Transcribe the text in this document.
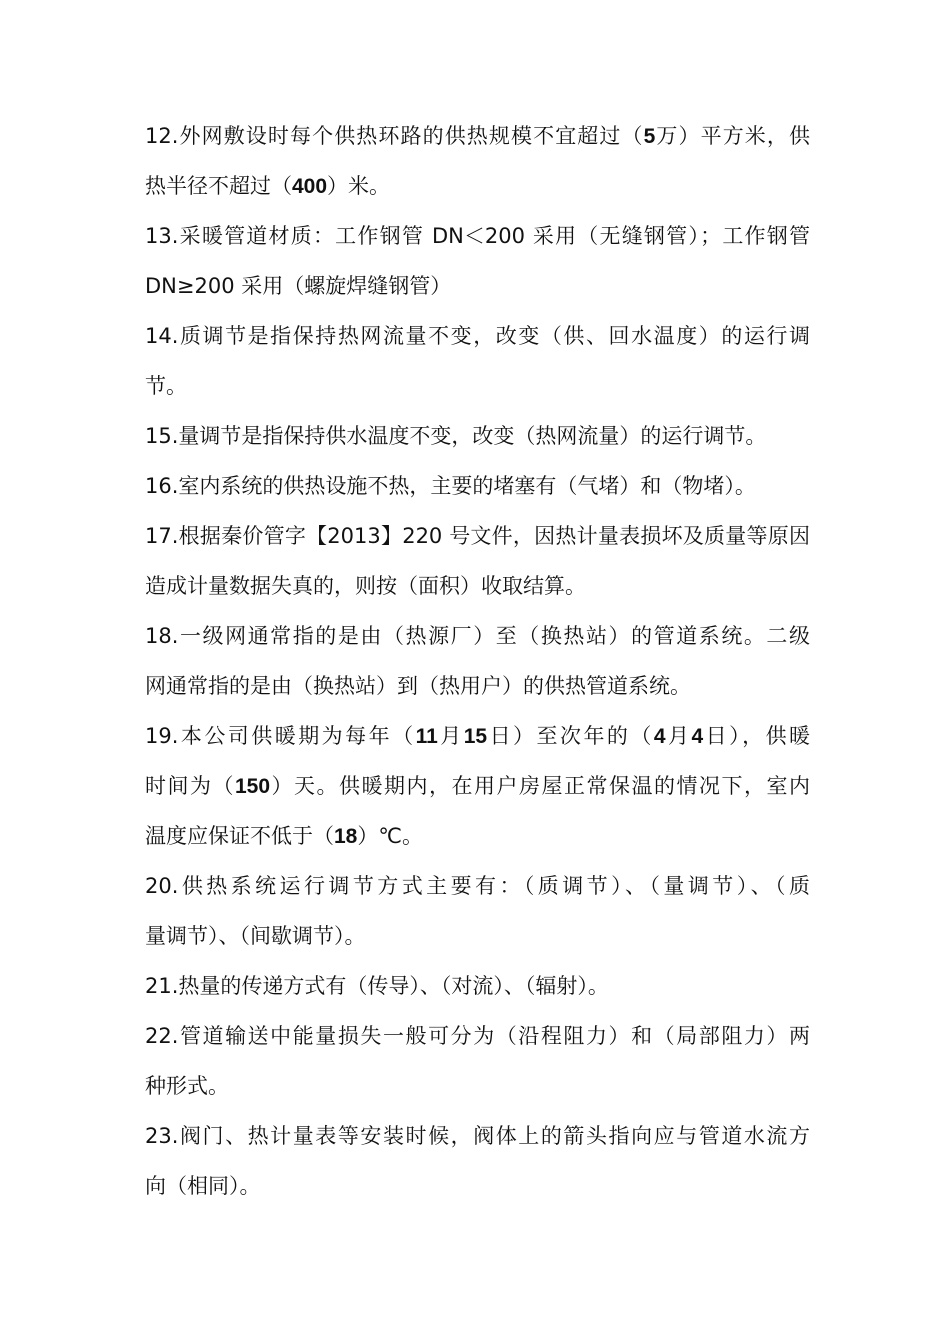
12.外网敷设时每个供热环路的供热规模不宜超过（5万）平方米，供
热半径不超过（400）米。
13.采暖管道材质：工作钢管 DN＜200 采用（无缝钢管）；工作钢管
DN≥200 采用（螺旋焊缝钢管）
14.质调节是指保持热网流量不变，改变（供、回水温度）的运行调
节。
15.量调节是指保持供水温度不变，改变（热网流量）的运行调节。
16.室内系统的供热设施不热，主要的堵塞有（气堵）和（物堵）。
17.根据秦价管字【2013】220 号文件，因热计量表损坏及质量等原因
造成计量数据失真的，则按（面积）收取结算。
18.一级网通常指的是由（热源厂）至（换热站）的管道系统。二级
网通常指的是由（换热站）到（热用户）的供热管道系统。
19.本公司供暖期为每年（11月15日）至次年的（4月4日），供暖
时间为（150）天。供暖期内，在用户房屋正常保温的情况下，室内
温度应保证不低于（18）℃。
20.供热系统运行调节方式主要有：（质调节）、（量调节）、（质
量调节）、（间歇调节）。
21.热量的传递方式有（传导）、（对流）、（辐射）。
22.管道输送中能量损失一般可分为（沿程阻力）和（局部阻力）两
种形式。
23.阀门、热计量表等安装时候，阀体上的箭头指向应与管道水流方
向（相同）。
